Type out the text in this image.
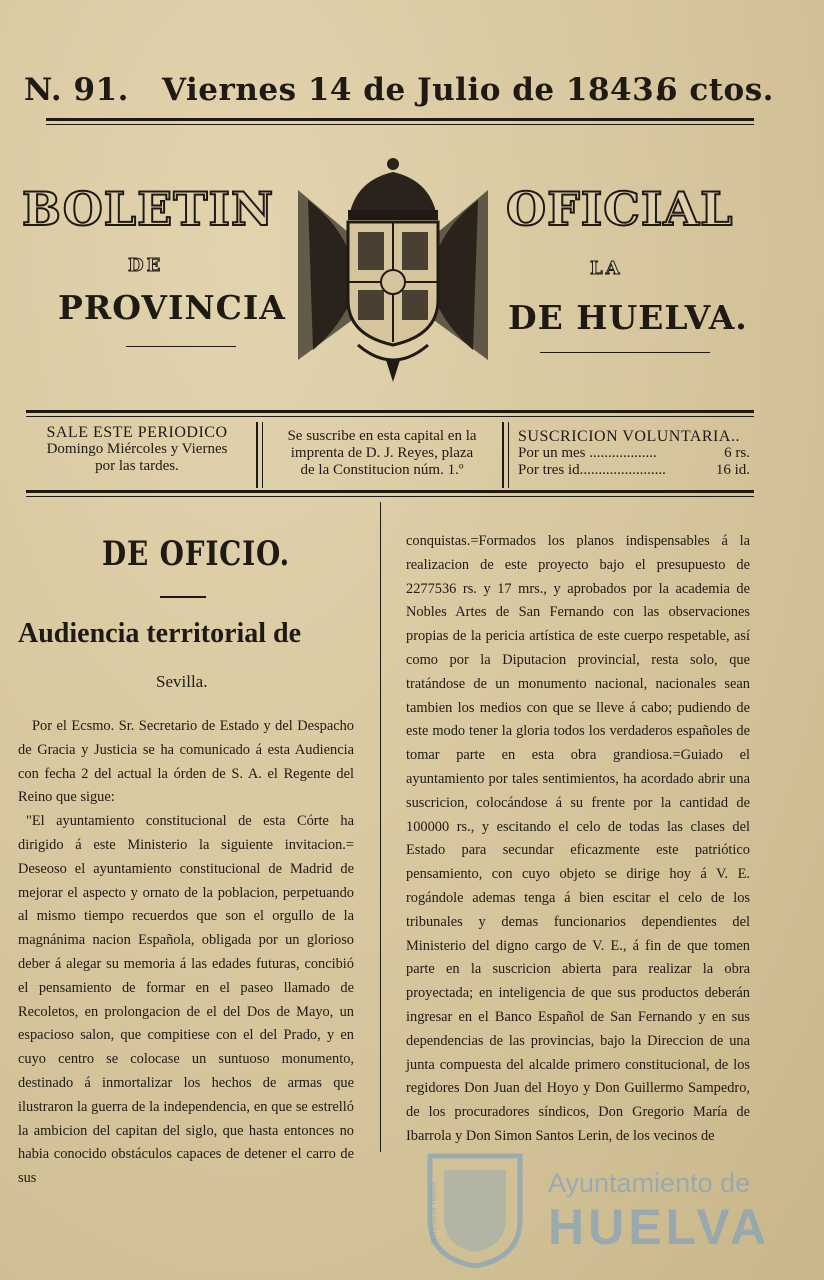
N. 91. Viernes 14 de Julio de 1843.
6 ctos.
BOLETIN	OFICIAL
DE	LA
PROVINCIA	DE HUELVA.
SALE ESTE PERIODICO
Domingo Miércoles y Viernes
por las tardes.
Se suscribe en esta capital en la
imprenta de D. J. Reyes, plaza
de la Constitucion núm. 1.º
SUSCRICION VOLUNTARIA..
Por un mes ..................	6 rs.
Por tres id.......................	16 id.
DE OFICIO.
Audiencia territorial de
Sevilla.

Por el Ecsmo. Sr. Secretario de Estado y del Despacho de Gracia y Justicia se ha comunicado á esta Audiencia con fecha 2 del actual la órden de S. A. el Regente del Reino que sigue:

"El ayuntamiento constitucional de esta Córte ha dirigido á este Ministerio la siguiente invitacion.= Deseoso el ayuntamiento constitucional de Madrid de mejorar el aspecto y ornato de la poblacion, perpetuando al mismo tiempo recuerdos que son el orgullo de la magnánima nacion Española, obligada por un glorioso deber á alegar su memoria á las edades futuras, concibió el pensamiento de formar en el paseo llamado de Recoletos, en prolongacion de el del Dos de Mayo, un espacioso salon, que compitiese con el del Prado, y en cuyo centro se colocase un suntuoso monumento, destinado á inmortalizar los hechos de armas que ilustraron la guerra de la independencia, en que se estrelló la ambicion del capitan del siglo, que hasta entonces no habia conocido obstáculos capaces de detener el carro de sus

conquistas.=Formados los planos indispensables á la realizacion de este proyecto bajo el presupuesto de 2277536 rs. y 17 mrs., y aprobados por la academia de Nobles Artes de San Fernando con las observaciones propias de la pericia artística de este cuerpo respetable, así como por la Diputacion provincial, resta solo, que tratándose de un monumento nacional, nacionales sean tambien los medios con que se lleve á cabo; pudiendo de este modo tener la gloria todos los verdaderos españoles de tomar parte en esta obra grandiosa.=Guiado el ayuntamiento por tales sentimientos, ha acordado abrir una suscricion, colocándose á su frente por la cantidad de 100000 rs., y escitando el celo de todas las clases del Estado para secundar eficazmente este patriótico pensamiento, con cuyo objeto se dirige hoy á V. E. rogándole ademas tenga á bien escitar el celo de los tribunales y demas funcionarios dependientes del Ministerio del digno cargo de V. E., á fin de que tomen parte en la suscricion abierta para realizar la obra proyectada; en inteligencia de que sus productos deberán ingresar en el Banco Español de San Fernando y en sus dependencias de las provincias, bajo la Direccion de una junta compuesta del alcalde primero constitucional, de los regidores Don Juan del Hoyo y Don Guillermo Sampedro, de los procuradores síndicos, Don Gregorio María de Ibarrola y Don Simon Santos Lerin, de los vecinos de

POTENS IN TERRA	Ayuntamiento de
HUELVA
